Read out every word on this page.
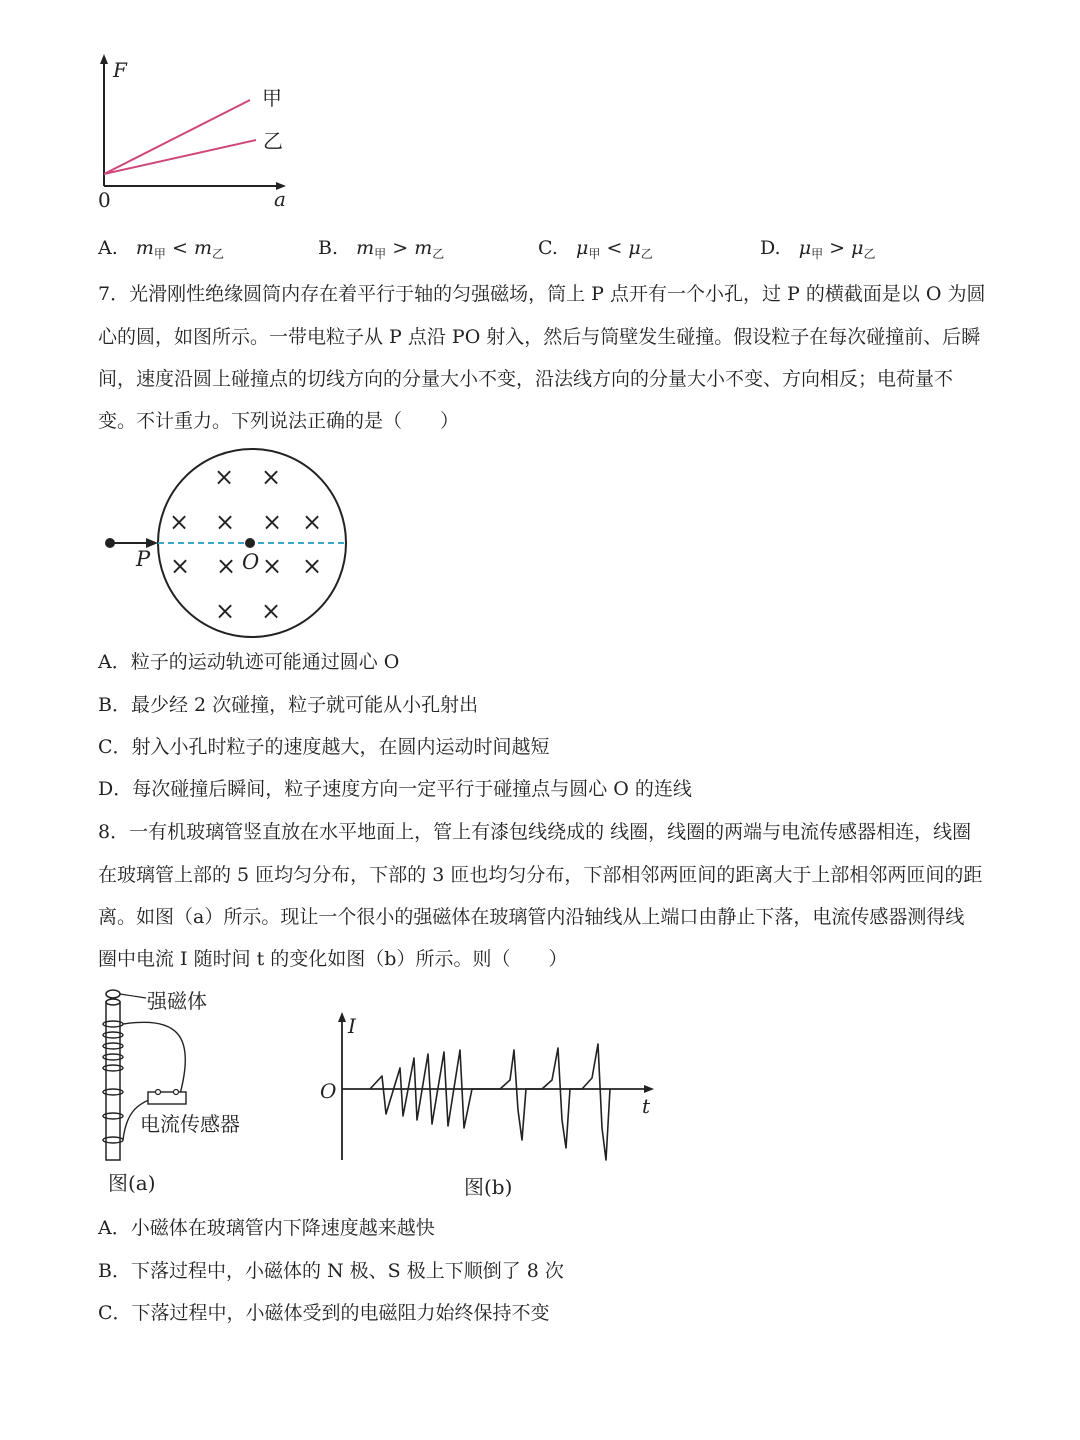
F
a
0
甲
乙
A. $m_甲 < m_乙$	B. $m_甲 > m_乙$	C. $\mu_甲 < \mu_乙$	D. $\mu_甲 > \mu_乙$
7．光滑刚性绝缘圆筒内存在着平行于轴的匀强磁场，筒上 P 点开有一个小孔，过 P 的横截面是以 O 为圆
心的圆，如图所示。一带电粒子从 P 点沿 PO 射入，然后与筒壁发生碰撞。假设粒子在每次碰撞前、后瞬
间，速度沿圆上碰撞点的切线方向的分量大小不变，沿法线方向的分量大小不变、方向相反；电荷量不
变。不计重力。下列说法正确的是（　　）
P	O
× ×
× × × ×
× × × ×
× ×
A．粒子的运动轨迹可能通过圆心 O
B．最少经 2 次碰撞，粒子就可能从小孔射出
C．射入小孔时粒子的速度越大，在圆内运动时间越短
D．每次碰撞后瞬间，粒子速度方向一定平行于碰撞点与圆心 O 的连线
8．一有机玻璃管竖直放在水平地面上，管上有漆包线绕成的 线圈，线圈的两端与电流传感器相连，线圈
在玻璃管上部的 5 匝均匀分布，下部的 3 匝也均匀分布，下部相邻两匝间的距离大于上部相邻两匝间的距
离。如图（a）所示。现让一个很小的强磁体在玻璃管内沿轴线从上端口由静止下落，电流传感器测得线
圈中电流 I 随时间 t 的变化如图（b）所示。则（　　）
强磁体
电流传感器
图(a)
I
t
O
图(b)
A．小磁体在玻璃管内下降速度越来越快
B．下落过程中，小磁体的 N 极、S 极上下顺倒了 8 次
C．下落过程中，小磁体受到的电磁阻力始终保持不变
